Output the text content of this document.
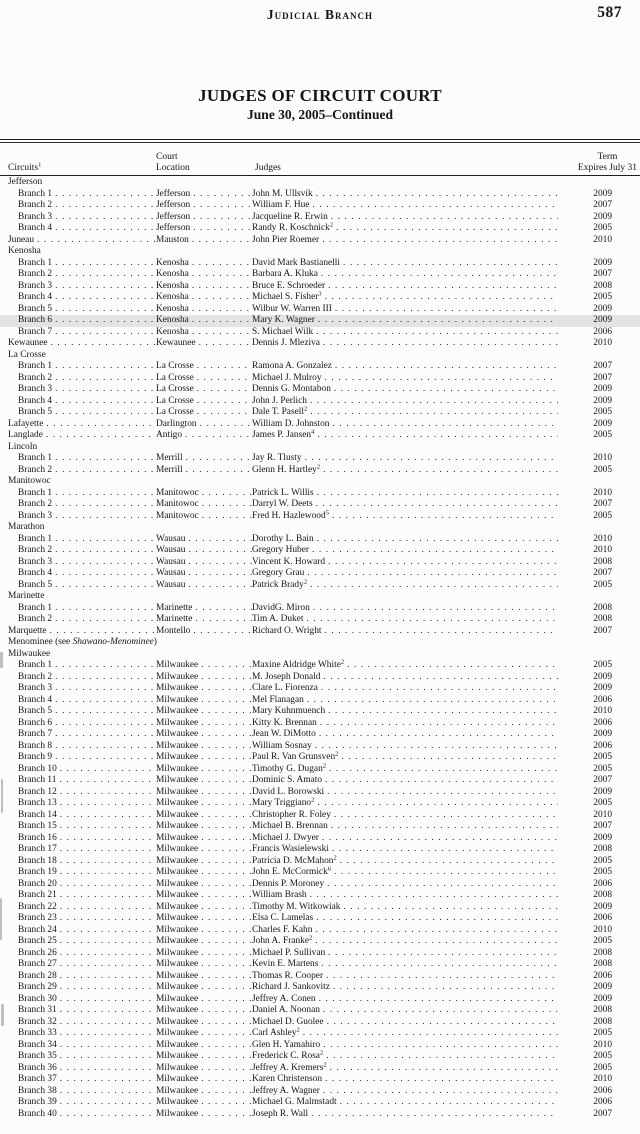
Judicial Branch	587
JUDGES OF CIRCUIT COURT
June 30, 2005–Continued
Circuits$^1$
Court
Location	Judges
Term
Expires July 31
Jefferson
Branch 1 .....	Jefferson .....	John M. Ullsvik .....	2009
Branch 2 .....	Jefferson .....	William F. Hue .....	2007
Branch 3 .....	Jefferson .....	Jacqueline R. Erwin .....	2009
Branch 4 .....	Jefferson .....	Randy R. Koschnick$^2$ .....	2005
Juneau .....	Mauston .....	John Pier Roemer .....	2010
Kenosha
Branch 1 .....	Kenosha .....	David Mark Bastianelli .....	2009
Branch 2 .....	Kenosha .....	Barbara A. Kluka .....	2007
Branch 3 .....	Kenosha .....	Bruce E. Schroeder .....	2008
Branch 4 .....	Kenosha .....	Michael S. Fisher$^3$ .....	2005
Branch 5 .....	Kenosha .....	Wilbur W. Warren III .....	2009
Branch 6 .....	Kenosha .....	Mary K. Wagner .....	2009
Branch 7 .....	Kenosha .....	S. Michael Wilk .....	2006
Kewaunee .....	Kewaunee .....	Dennis J. Mleziva .....	2010
La Crosse
Branch 1 .....	La Crosse .....	Ramona A. Gonzalez .....	2007
Branch 2 .....	La Crosse .....	Michael J. Mulroy .....	2007
Branch 3 .....	La Crosse .....	Dennis G. Montabon .....	2009
Branch 4 .....	La Crosse .....	John J. Perlich .....	2009
Branch 5 .....	La Crosse .....	Dale T. Pasell$^2$ .....	2005
Lafayette .....	Darlington .....	William D. Johnston .....	2009
Langlade .....	Antigo .....	James P. Jansen$^4$ .....	2005
Lincoln
Branch 1 .....	Merrill .....	Jay R. Tlusty .....	2010
Branch 2 .....	Merrill .....	Glenn H. Hartley$^2$ .....	2005
Manitowoc
Branch 1 .....	Manitowoc .....	Patrick L. Willis .....	2010
Branch 2 .....	Manitowoc .....	Darryl W. Deets .....	2007
Branch 3 .....	Manitowoc .....	Fred H. Hazlewood$^5$ .....	2005
Marathon
Branch 1 .....	Wausau .....	Dorothy L. Bain .....	2010
Branch 2 .....	Wausau .....	Gregory Huber .....	2010
Branch 3 .....	Wausau .....	Vincent K. Howard .....	2008
Branch 4 .....	Wausau .....	Gregory Grau .....	2007
Branch 5 .....	Wausau .....	Patrick Brady$^2$ .....	2005
Marinette
Branch 1 .....	Marinette .....	DavidG. Miron .....	2008
Branch 2 .....	Marinette .....	Tim A. Duket .....	2008
Marquette .....	Montello .....	Richard O. Wright .....	2007
Menominee (see Shawano-Menominee)
Milwaukee
Branch 1 .....	Milwaukee .....	Maxine Aldridge White$^2$ .....	2005
Branch 2 .....	Milwaukee .....	M. Joseph Donald .....	2009
Branch 3 .....	Milwaukee .....	Clare L. Fiorenza .....	2009
Branch 4 .....	Milwaukee .....	Mel Flanagan .....	2006
Branch 5 .....	Milwaukee .....	Mary Kuhnmuench .....	2010
Branch 6 .....	Milwaukee .....	Kitty K. Brennan .....	2006
Branch 7 .....	Milwaukee .....	Jean W. DiMotto .....	2009
Branch 8 .....	Milwaukee .....	William Sosnay .....	2006
Branch 9 .....	Milwaukee .....	Paul R. Van Grunsven$^2$ .....	2005
Branch 10 .....	Milwaukee .....	Timothy G. Dugan$^2$ .....	2005
Branch 11 .....	Milwaukee .....	Dominic S. Amato .....	2007
Branch 12 .....	Milwaukee .....	David L. Borowski .....	2009
Branch 13 .....	Milwaukee .....	Mary Triggiano$^2$ .....	2005
Branch 14 .....	Milwaukee .....	Christopher R. Foley .....	2010
Branch 15 .....	Milwaukee .....	Michael B. Brennan .....	2007
Branch 16 .....	Milwaukee .....	Michael J. Dwyer .....	2009
Branch 17 .....	Milwaukee .....	Francis Wasielewski .....	2008
Branch 18 .....	Milwaukee .....	Patricia D. McMahon$^2$ .....	2005
Branch 19 .....	Milwaukee .....	John E. McCormick$^6$ .....	2005
Branch 20 .....	Milwaukee .....	Dennis P. Moroney .....	2006
Branch 21 .....	Milwaukee .....	William Brash .....	2008
Branch 22 .....	Milwaukee .....	Timothy M. Witkowiak .....	2009
Branch 23 .....	Milwaukee .....	Elsa C. Lamelas .....	2006
Branch 24 .....	Milwaukee .....	Charles F. Kahn .....	2010
Branch 25 .....	Milwaukee .....	John A. Franke$^2$ .....	2005
Branch 26 .....	Milwaukee .....	Michael P. Sullivan .....	2008
Branch 27 .....	Milwaukee .....	Kevin E. Martens .....	2008
Branch 28 .....	Milwaukee .....	Thomas R. Cooper .....	2006
Branch 29 .....	Milwaukee .....	Richard J. Sankovitz .....	2009
Branch 30 .....	Milwaukee .....	Jeffrey A. Conen .....	2009
Branch 31 .....	Milwaukee .....	Daniel A. Noonan .....	2008
Branch 32 .....	Milwaukee .....	Michael D. Guolee .....	2008
Branch 33 .....	Milwaukee .....	Carl Ashley$^2$ .....	2005
Branch 34 .....	Milwaukee .....	Glen H. Yamahiro .....	2010
Branch 35 .....	Milwaukee .....	Frederick C. Rosa$^2$ .....	2005
Branch 36 .....	Milwaukee .....	Jeffrey A. Kremers$^2$ .....	2005
Branch 37 .....	Milwaukee .....	Karen Christenson .....	2010
Branch 38 .....	Milwaukee .....	Jeffrey A. Wagner .....	2006
Branch 39 .....	Milwaukee .....	Michael G. Malmstadt .....	2006
Branch 40 .....	Milwaukee .....	Joseph R. Wall .....	2007
